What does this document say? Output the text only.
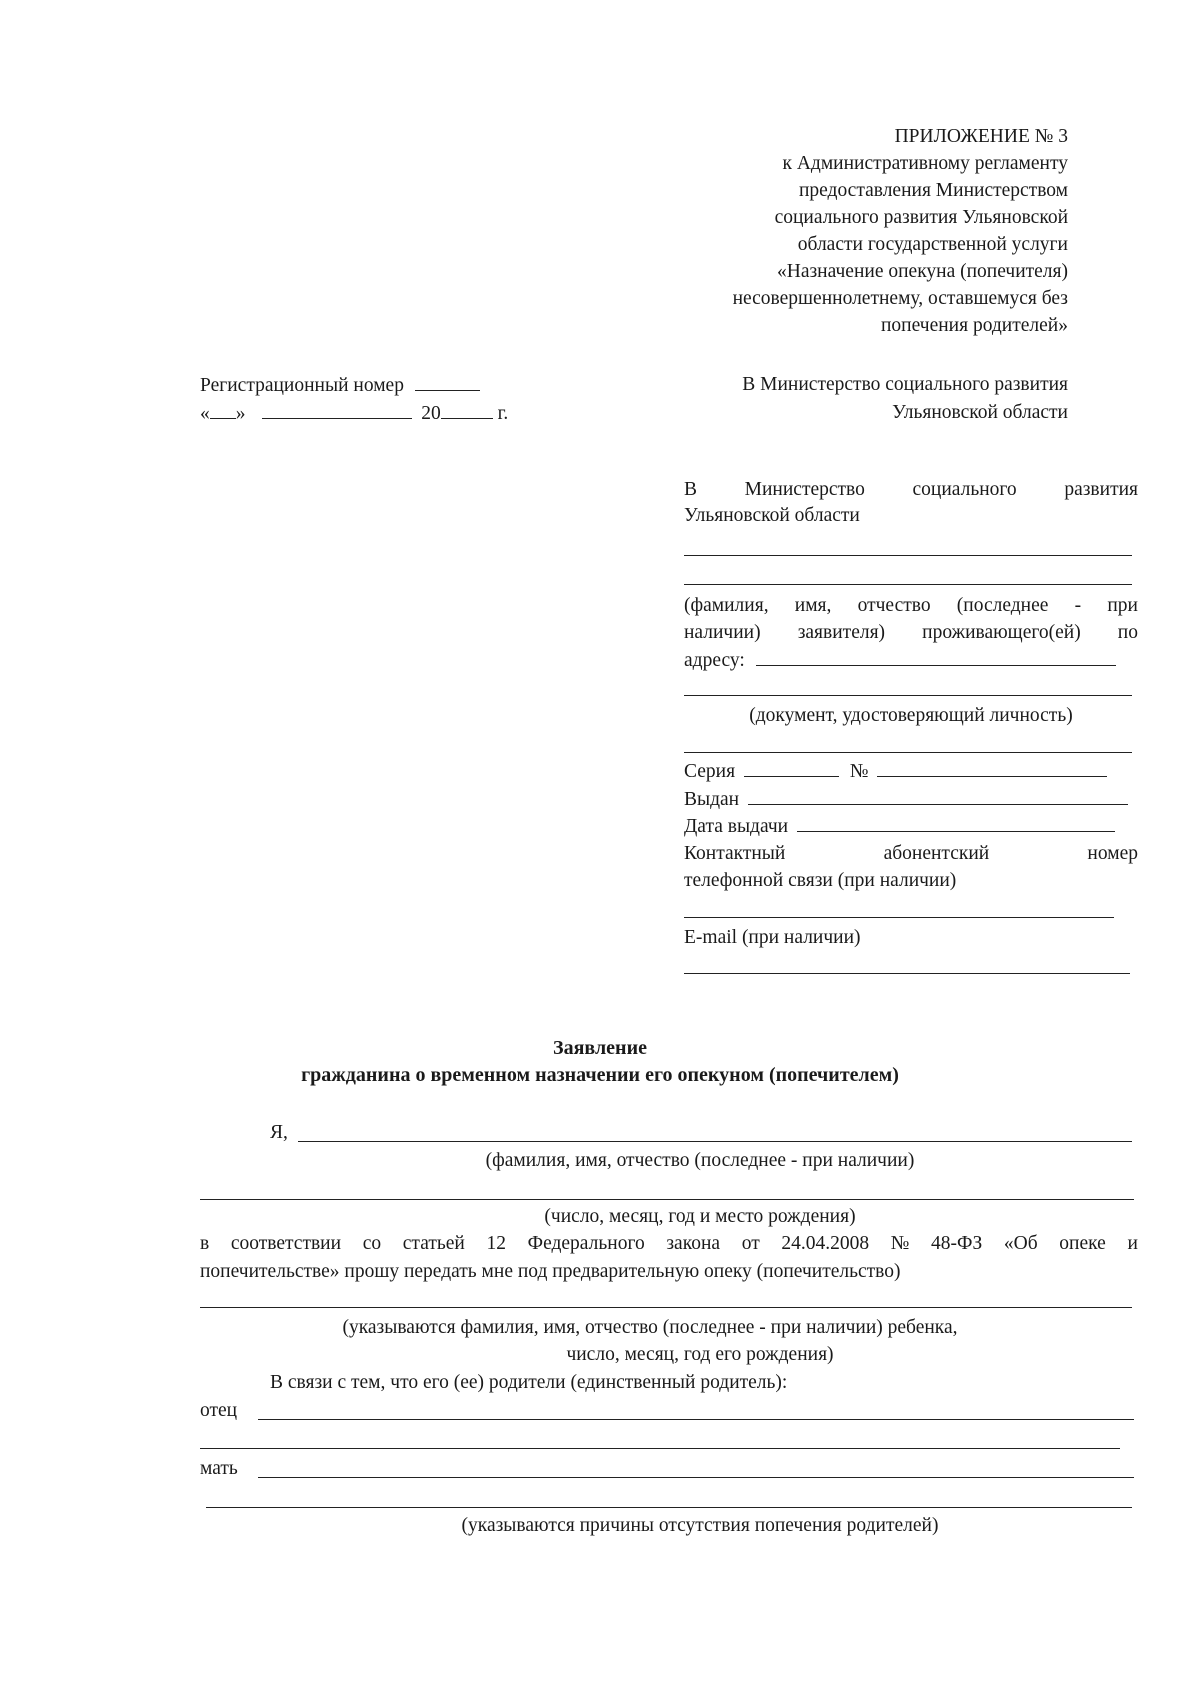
ПРИЛОЖЕНИЕ № 3
к Административному регламенту
предоставления Министерством
социального развития Ульяновской
области государственной услуги
«Назначение опекуна (попечителя)
несовершеннолетнему, оставшемуся без
попечения родителей»
Регистрационный номер
« »	20	г.
В Министерство социального развития
Ульяновской области
В Министерство социального развития
Ульяновской области
(фамилия, имя, отчество (последнее - при
наличии) заявителя) проживающего(ей) по
адресу:
(документ, удостоверяющий личность)
Серия	№
Выдан
Дата выдачи
Контактный	абонентский	номер
телефонной связи (при наличии)
E-mail (при наличии)
Заявление
гражданина о временном назначении его опекуном (попечителем)
Я,
(фамилия, имя, отчество (последнее - при наличии)
(число, месяц, год и место рождения)
в соответствии со статьей 12 Федерального закона от 24.04.2008 № 48-ФЗ «Об опеке и
попечительстве» прошу передать мне под предварительную опеку (попечительство)
(указываются фамилия, имя, отчество (последнее - при наличии) ребенка,
число, месяц, год его рождения)
В связи с тем, что его (ее) родители (единственный родитель):
отец
мать
(указываются причины отсутствия попечения родителей)
